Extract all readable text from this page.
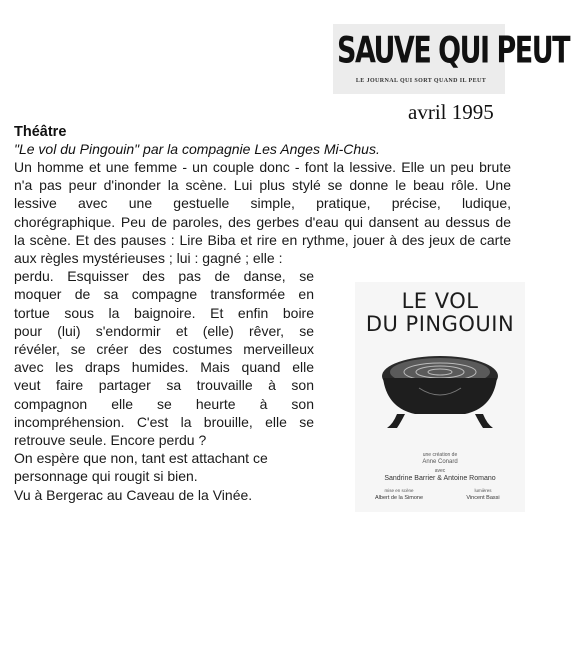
SAUVE QUI PEUT
LE JOURNAL QUI SORT QUAND IL PEUT
avril 1995

Théâtre

"Le vol du Pingouin" par la compagnie Les Anges Mi-Chus.

Un homme et une femme - un couple donc - font la lessive. Elle un peu brute

n'a pas peur d'inonder la scène. Lui plus stylé se donne le beau rôle. Une

lessive avec une gestuelle simple, pratique, précise, ludique,

chorégraphique. Peu de paroles, des gerbes d'eau qui dansent au dessus de

la scène. Et des pauses : Lire Biba et rire en rythme, jouer à des jeux de carte

aux règles mystérieuses ; lui : gagné ; elle :

perdu. Esquisser des pas de danse, se

moquer de sa compagne transformée en

tortue sous la baignoire. Et enfin boire

pour (lui) s'endormir et (elle) rêver, se

révéler, se créer des costumes merveilleux

avec les draps humides. Mais quand elle

veut faire partager sa trouvaille à son

compagnon elle se heurte à son

incompréhension. C'est la brouille, elle se

retrouve seule. Encore perdu ?

On espère que non, tant est attachant ce

personnage qui rougit si bien.

Vu à Bergerac au Caveau de la Vinée.

LE VOL
DU PINGOUIN
une création de
Anne Conard
avec
Sandrine Barrier & Antoine Romano
mise en scène
Albert de la Simone
lumières
Vincent Bassi
